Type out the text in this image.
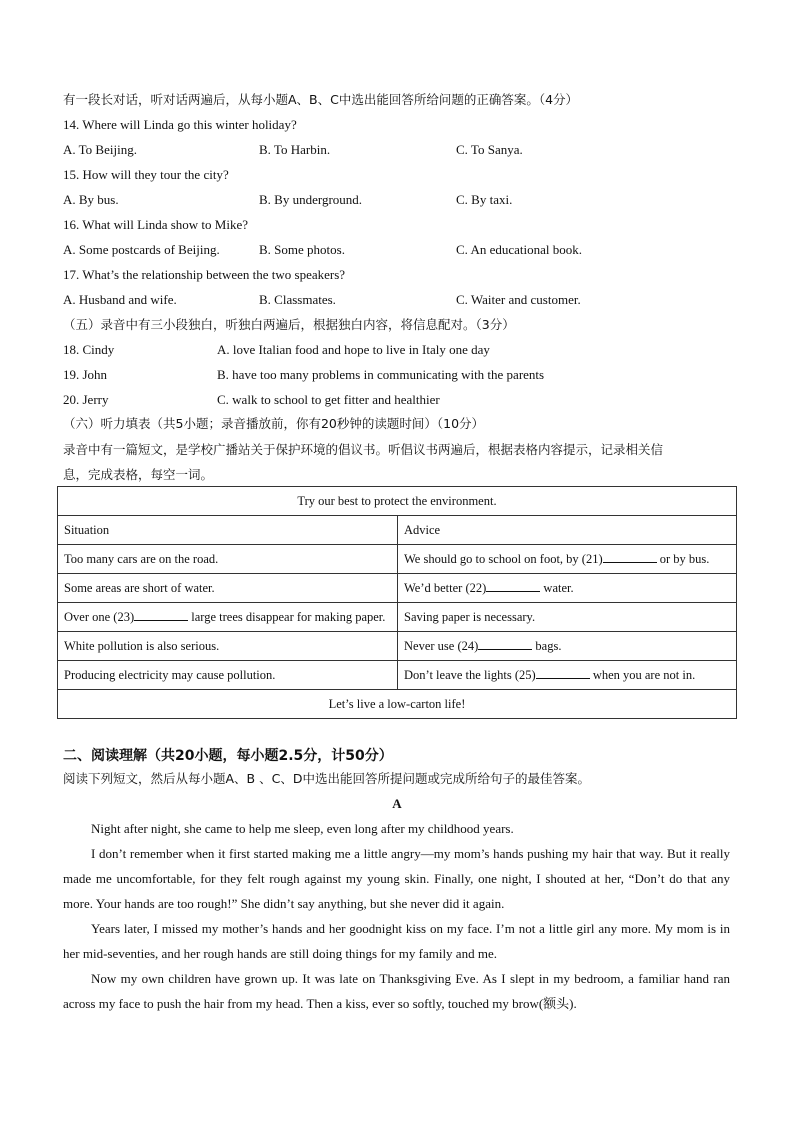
有一段长对话，听对话两遍后，从每小题A、B、C中选出能回答所给问题的正确答案。（4分）
14. Where will Linda go this winter holiday?
A. To Beijing.	B. To Harbin.	C. To Sanya.
15. How will they tour the city?
A. By bus.	B. By underground.	C. By taxi.
16. What will Linda show to Mike?
A. Some postcards of Beijing.	B. Some photos.	C. An educational book.
17. What’s the relationship between the two speakers?
A. Husband and wife.	B. Classmates.	C. Waiter and customer.
（五）录音中有三小段独白，听独白两遍后，根据独白内容，将信息配对。（3分）
18. Cindy	A. love Italian food and hope to live in Italy one day
19. John	B. have too many problems in communicating with the parents
20. Jerry	C. walk to school to get fitter and healthier
（六）听力填表（共5小题；录音播放前，你有20秒钟的读题时间）（10分）
录音中有一篇短文，是学校广播站关于保护环境的倡议书。听倡议书两遍后，根据表格内容提示，记录相关信
息，完成表格，每空一词。
Try our best to protect the environment.	
Situation	Advice
Too many cars are on the road.	We should go to school on foot, by (21) or by bus.
Some areas are short of water.	We’d better (22) water.
Over one (23) large trees disappear for making paper.	Saving paper is necessary.
White pollution is also serious.	Never use (24) bags.
Producing electricity may cause pollution.	Don’t leave the lights (25) when you are not in.
Let’s live a low-carton life!	
二、阅读理解（共20小题，每小题2.5分，计50分）
阅读下列短文，然后从每小题A、B 、C、D中选出能回答所提问题或完成所给句子的最佳答案。
A
Night after night, she came to help me sleep, even long after my childhood years.
I don’t remember when it first started making me a little angry—my mom’s hands pushing my hair that way. But it really made me uncomfortable, for they felt rough against my young skin. Finally, one night, I shouted at her, “Don’t do that any more. Your hands are too rough!” She didn’t say anything, but she never did it again.
Years later, I missed my mother’s hands and her goodnight kiss on my face. I’m not a little girl any more. My mom is in her mid-seventies, and her rough hands are still doing things for my family and me.
Now my own children have grown up. It was late on Thanksgiving Eve. As I slept in my bedroom, a familiar hand ran across my face to push the hair from my head. Then a kiss, ever so softly, touched my brow(额头).
